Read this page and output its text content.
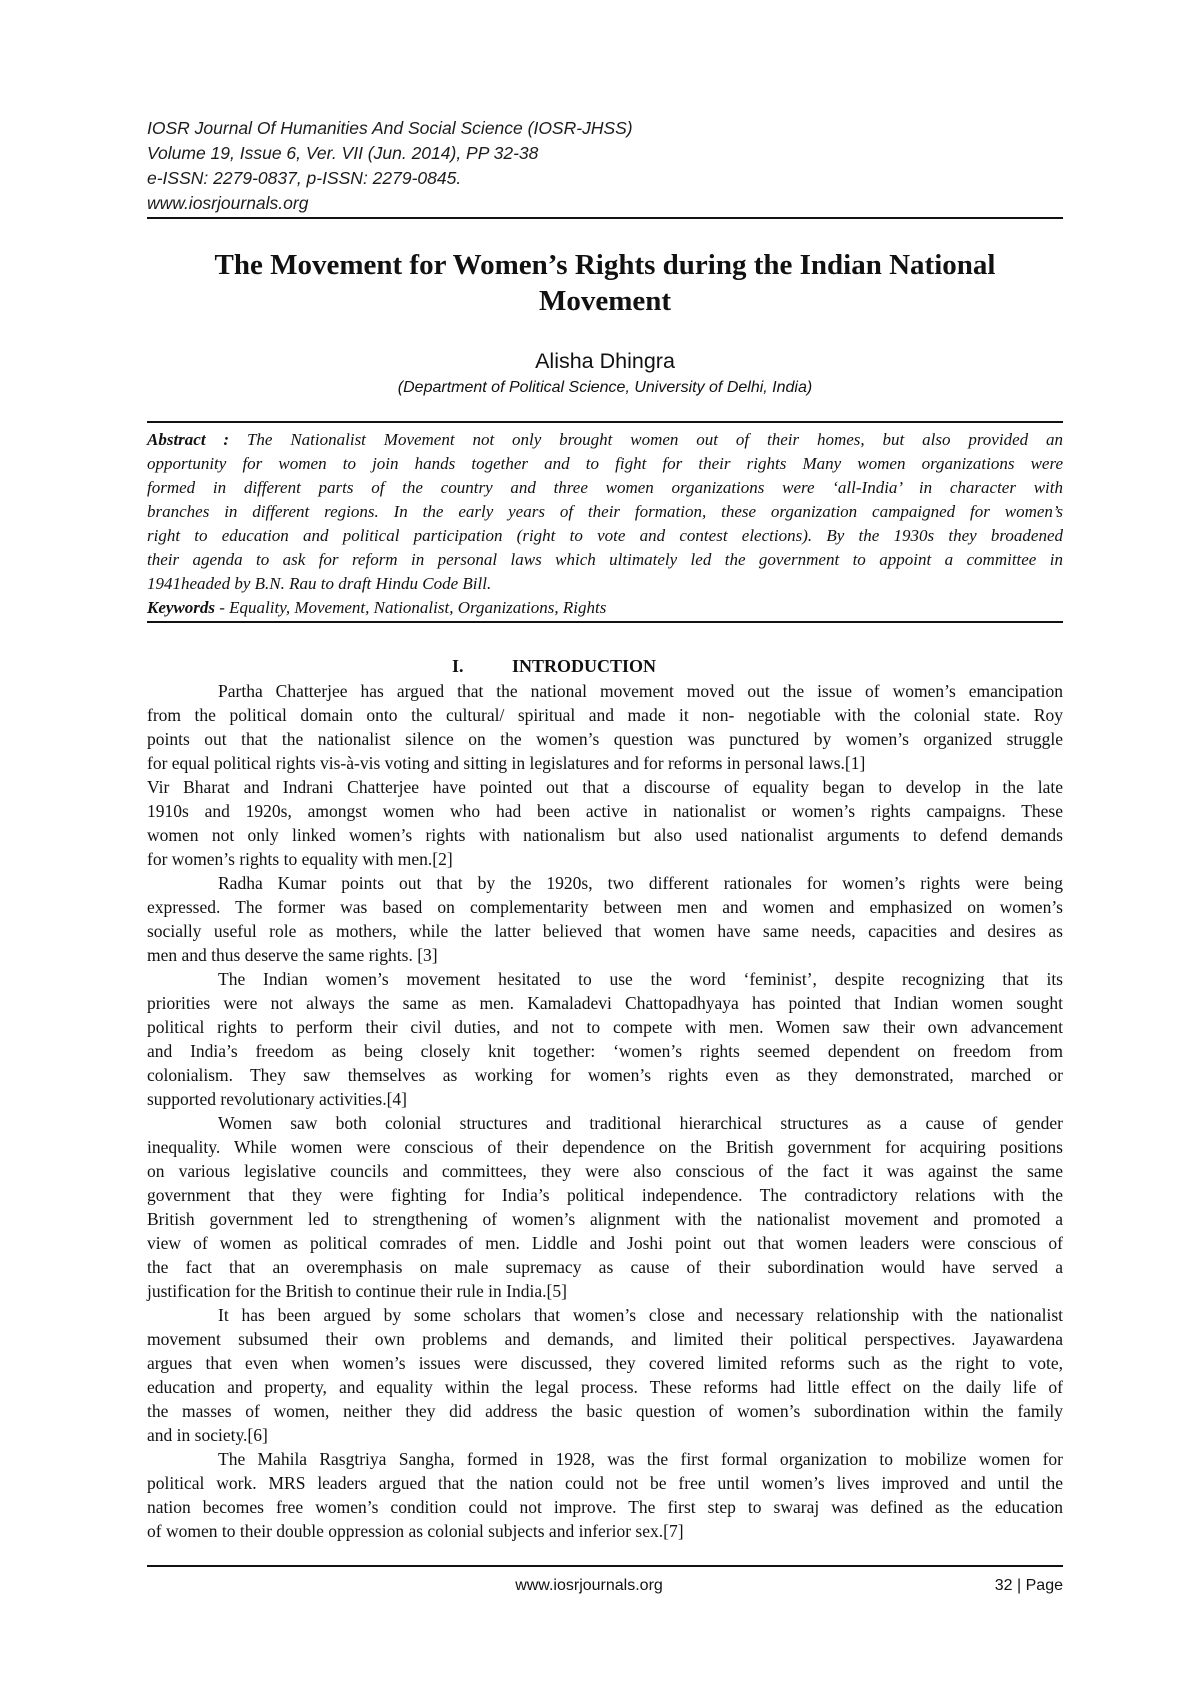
IOSR Journal Of Humanities And Social Science (IOSR-JHSS)
Volume 19, Issue 6, Ver. VII (Jun. 2014), PP 32-38
e-ISSN: 2279-0837, p-ISSN: 2279-0845.
www.iosrjournals.org
The Movement for Women’s Rights during the Indian National
Movement
Alisha Dhingra
(Department of Political Science, University of Delhi, India)
Abstract : The Nationalist Movement not only brought women out of their homes, but also provided an
opportunity for women to join hands together and to fight for their rights Many women organizations were
formed in different parts of the country and three women organizations were ‘all-India’ in character with
branches in different regions. In the early years of their formation, these organization campaigned for women’s
right to education and political participation (right to vote and contest elections). By the 1930s they broadened
their agenda to ask for reform in personal laws which ultimately led the government to appoint a committee in
1941headed by B.N. Rau to draft Hindu Code Bill.
Keywords - Equality, Movement, Nationalist, Organizations, Rights
I.	INTRODUCTION
Partha Chatterjee has argued that the national movement moved out the issue of women’s emancipation
from the political domain onto the cultural/ spiritual and made it non- negotiable with the colonial state. Roy
points out that the nationalist silence on the women’s question was punctured by women’s organized struggle
for equal political rights vis-à-vis voting and sitting in legislatures and for reforms in personal laws.[1]
Vir Bharat and Indrani Chatterjee have pointed out that a discourse of equality began to develop in the late
1910s and 1920s, amongst women who had been active in nationalist or women’s rights campaigns. These
women not only linked women’s rights with nationalism but also used nationalist arguments to defend demands
for women’s rights to equality with men.[2]
Radha Kumar points out that by the 1920s, two different rationales for women’s rights were being
expressed. The former was based on complementarity between men and women and emphasized on women’s
socially useful role as mothers, while the latter believed that women have same needs, capacities and desires as
men and thus deserve the same rights. [3]
The Indian women’s movement hesitated to use the word ‘feminist’, despite recognizing that its
priorities were not always the same as men. Kamaladevi Chattopadhyaya has pointed that Indian women sought
political rights to perform their civil duties, and not to compete with men. Women saw their own advancement
and India’s freedom as being closely knit together: ‘women’s rights seemed dependent on freedom from
colonialism. They saw themselves as working for women’s rights even as they demonstrated, marched or
supported revolutionary activities.[4]
Women saw both colonial structures and traditional hierarchical structures as a cause of gender
inequality. While women were conscious of their dependence on the British government for acquiring positions
on various legislative councils and committees, they were also conscious of the fact it was against the same
government that they were fighting for India’s political independence. The contradictory relations with the
British government led to strengthening of women’s alignment with the nationalist movement and promoted a
view of women as political comrades of men. Liddle and Joshi point out that women leaders were conscious of
the fact that an overemphasis on male supremacy as cause of their subordination would have served a
justification for the British to continue their rule in India.[5]
It has been argued by some scholars that women’s close and necessary relationship with the nationalist
movement subsumed their own problems and demands, and limited their political perspectives. Jayawardena
argues that even when women’s issues were discussed, they covered limited reforms such as the right to vote,
education and property, and equality within the legal process. These reforms had little effect on the daily life of
the masses of women, neither they did address the basic question of women’s subordination within the family
and in society.[6]
The Mahila Rasgtriya Sangha, formed in 1928, was the first formal organization to mobilize women for
political work. MRS leaders argued that the nation could not be free until women’s lives improved and until the
nation becomes free women’s condition could not improve. The first step to swaraj was defined as the education
of women to their double oppression as colonial subjects and inferior sex.[7]
www.iosrjournals.org	32 | Page
